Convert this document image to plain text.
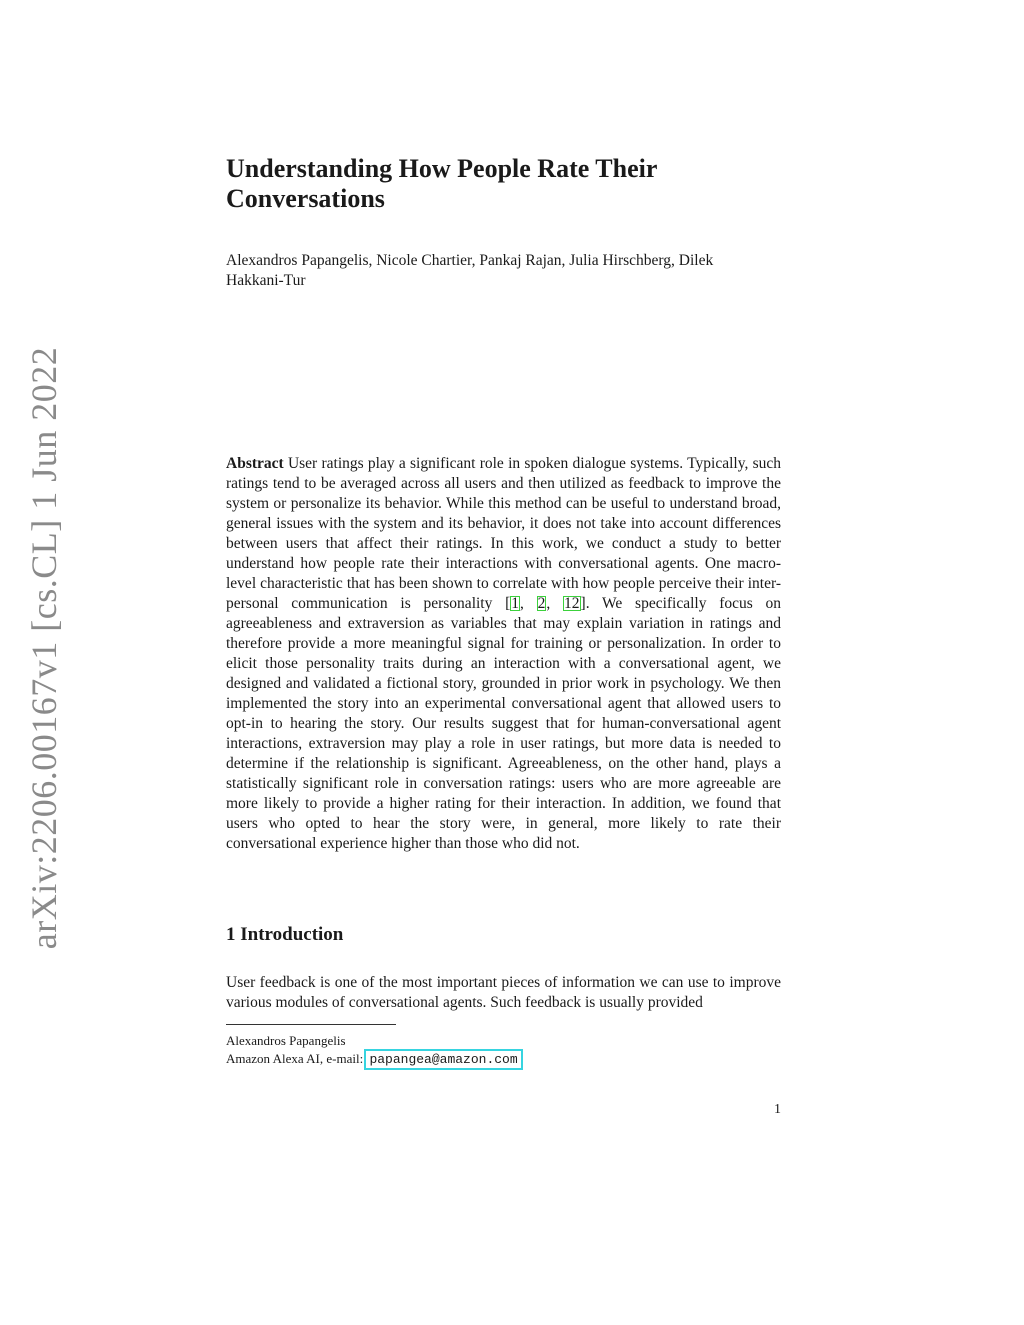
arXiv:2206.00167v1 [cs.CL] 1 Jun 2022
Understanding How People Rate Their
Conversations

Alexandros Papangelis, Nicole Chartier, Pankaj Rajan, Julia Hirschberg, Dilek Hakkani-Tur

Abstract User ratings play a significant role in spoken dialogue systems. Typically, such ratings tend to be averaged across all users and then utilized as feedback to improve the system or personalize its behavior. While this method can be useful to understand broad, general issues with the system and its behavior, it does not take into account differences between users that affect their ratings. In this work, we conduct a study to better understand how people rate their interactions with conversational agents. One macro-level characteristic that has been shown to correlate with how people perceive their inter-personal communication is personality [1, 2, 12]. We specifically focus on agreeableness and extraversion as variables that may explain variation in ratings and therefore provide a more meaningful signal for training or personalization. In order to elicit those personality traits during an interaction with a conversational agent, we designed and validated a fictional story, grounded in prior work in psychology. We then implemented the story into an experimental conversational agent that allowed users to opt-in to hearing the story. Our results suggest that for human-conversational agent interactions, extraversion may play a role in user ratings, but more data is needed to determine if the relationship is significant. Agreeableness, on the other hand, plays a statistically significant role in conversation ratings: users who are more agreeable are more likely to provide a higher rating for their interaction. In addition, we found that users who opted to hear the story were, in general, more likely to rate their conversational experience higher than those who did not.

1 Introduction

User feedback is one of the most important pieces of information we can use to improve various modules of conversational agents. Such feedback is usually provided

Alexandros Papangelis
Amazon Alexa AI, e-mail: papangea@amazon.com
1
